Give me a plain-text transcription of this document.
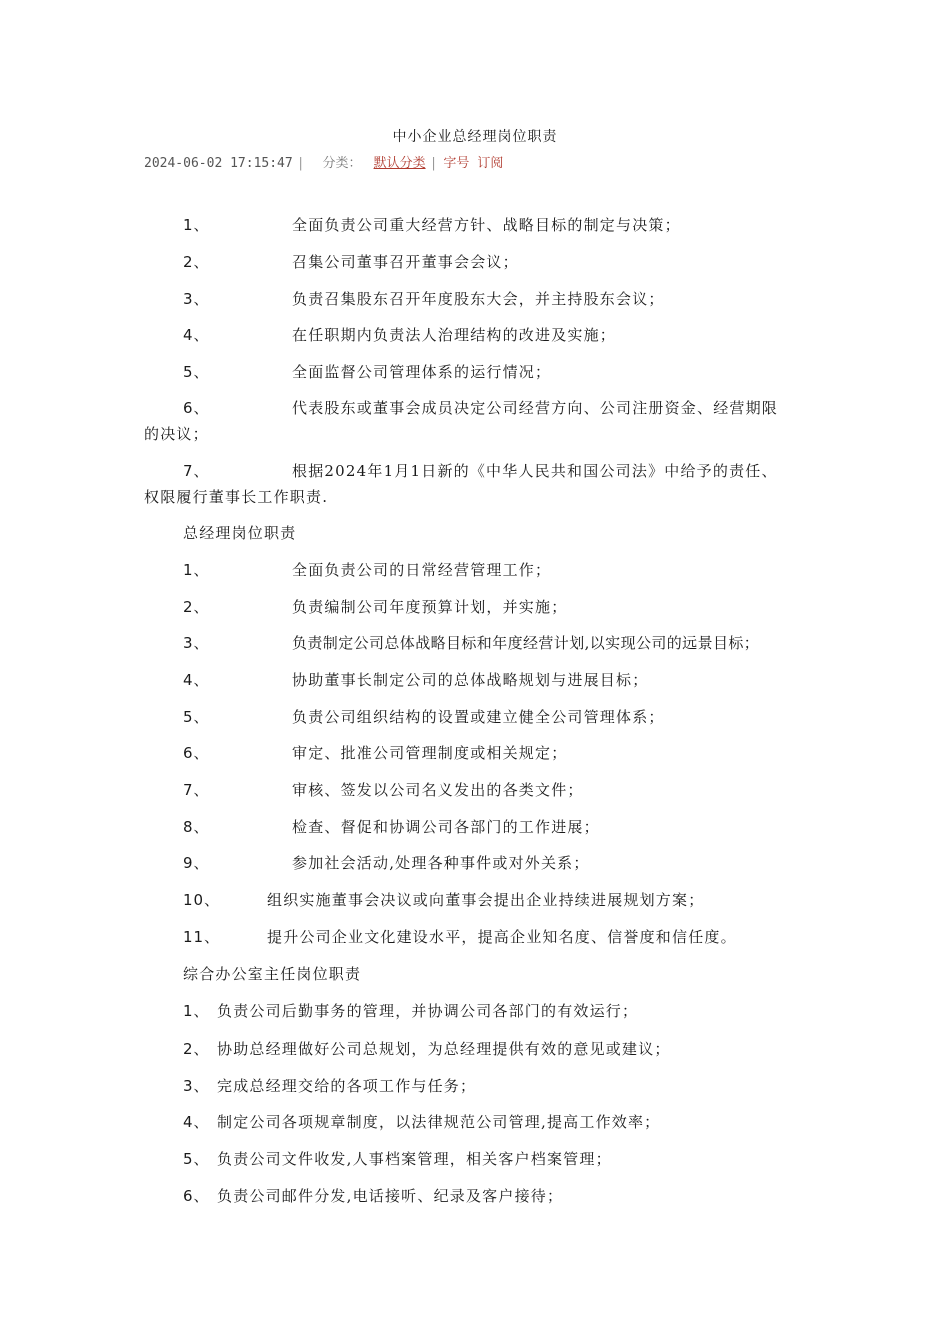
中小企业总经理岗位职责
2024-06-02 17:15:47 | 分类： 默认分类 | 字号 订阅
1、	全面负责公司重大经营方针、战略目标的制定与决策；
2、	召集公司董事召开董事会会议；
3、	负责召集股东召开年度股东大会，并主持股东会议；
4、	在任职期内负责法人治理结构的改进及实施；
5、	全面监督公司管理体系的运行情况；
6、	代表股东或董事会成员决定公司经营方向、公司注册资金、经营期限
的决议；
7、	根据2024年1月1日新的《中华人民共和国公司法》中给予的责任、
权限履行董事长工作职责.
总经理岗位职责
1、	全面负责公司的日常经营管理工作；
2、	负责编制公司年度预算计划，并实施；
3、	负责制定公司总体战略目标和年度经营计划,以实现公司的远景目标；
4、	协助董事长制定公司的总体战略规划与进展目标；
5、	负责公司组织结构的设置或建立健全公司管理体系；
6、	审定、批准公司管理制度或相关规定；
7、	审核、签发以公司名义发出的各类文件；
8、	检查、督促和协调公司各部门的工作进展；
9、	参加社会活动,处理各种事件或对外关系；
10、	组织实施董事会决议或向董事会提出企业持续进展规划方案；
11、	提升公司企业文化建设水平，提高企业知名度、信誉度和信任度。
综合办公室主任岗位职责
1、 负责公司后勤事务的管理，并协调公司各部门的有效运行；
2、 协助总经理做好公司总规划，为总经理提供有效的意见或建议；
3、 完成总经理交给的各项工作与任务；
4、 制定公司各项规章制度，以法律规范公司管理,提高工作效率；
5、 负责公司文件收发,人事档案管理，相关客户档案管理；
6、 负责公司邮件分发,电话接听、纪录及客户接待；
